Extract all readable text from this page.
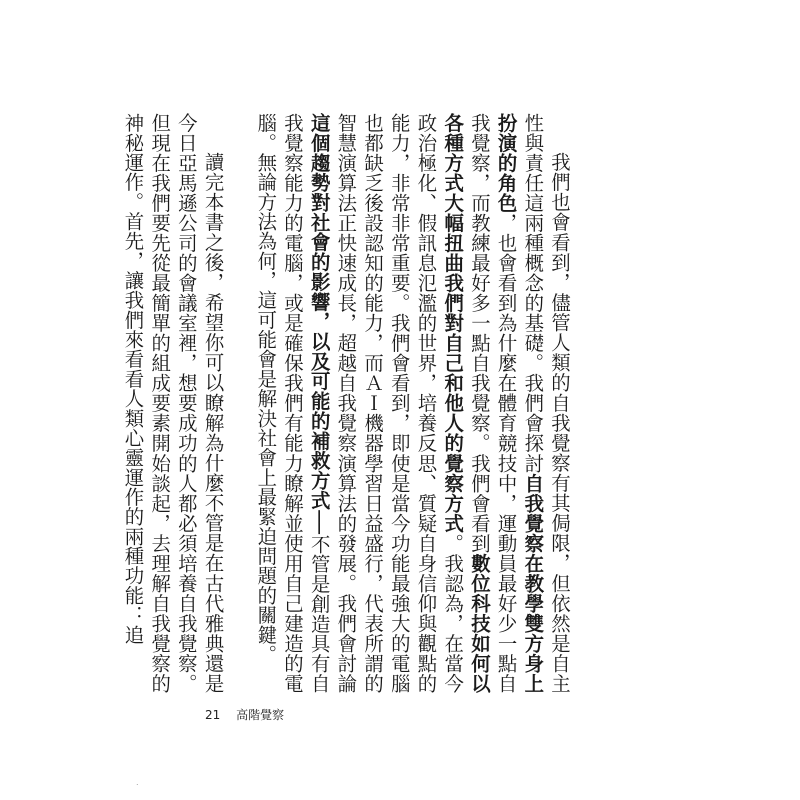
我們也會看到，儘管人類的自我覺察有其侷限，但依然是自主性與責任這兩種概念的基礎。我們會探討自我覺察在教學雙方身上扮演的角色，也會看到為什麼在體育競技中，運動員最好少一點自我覺察，而教練最好多一點自我覺察。我們會看到數位科技如何以各種方式大幅扭曲我們對自己和他人的覺察方式。我認為，在當今政治極化、假訊息氾濫的世界，培養反思、質疑自身信仰與觀點的能力，非常非常重要。我們會看到，即使是當今功能最強大的電腦也都缺乏後設認知的能力，而ＡＩ機器學習日益盛行，代表所謂的智慧演算法正快速成長，超越自我覺察演算法的發展。我們會討論這個趨勢對社會的影響，以及可能的補救方式──不管是創造具有自我覺察能力的電腦，或是確保我們有能力瞭解並使用自己建造的電腦。無論方法為何，這可能會是解決社會上最緊迫問題的關鍵。

讀完本書之後，希望你可以瞭解為什麼不管是在古代雅典還是今日亞馬遜公司的會議室裡，想要成功的人都必須培養自我覺察。但現在我們要先從最簡單的組成要素開始談起，去理解自我覺察的神秘運作。首先，讓我們來看看人類心靈運作的兩種功能：追

21 高階覺察
.
